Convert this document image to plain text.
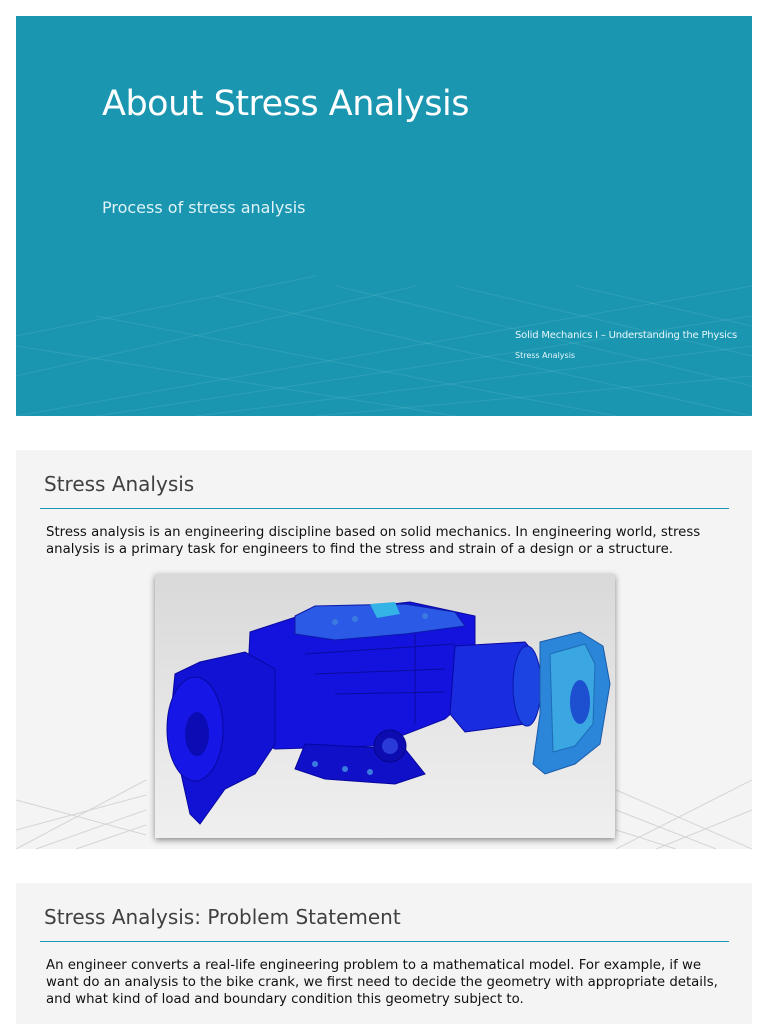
About Stress Analysis

Process of stress analysis

Solid Mechanics I – Understanding the Physics
Stress Analysis
Stress Analysis

Stress analysis is an engineering discipline based on solid mechanics. In engineering world, stress analysis is a primary task for engineers to find the stress and strain of a design or a structure.

Stress Analysis: Problem Statement

An engineer converts a real-life engineering problem to a mathematical model. For example, if we want do an analysis to the bike crank, we first need to decide the geometry with appropriate details, and what kind of load and boundary condition this geometry subject to.
